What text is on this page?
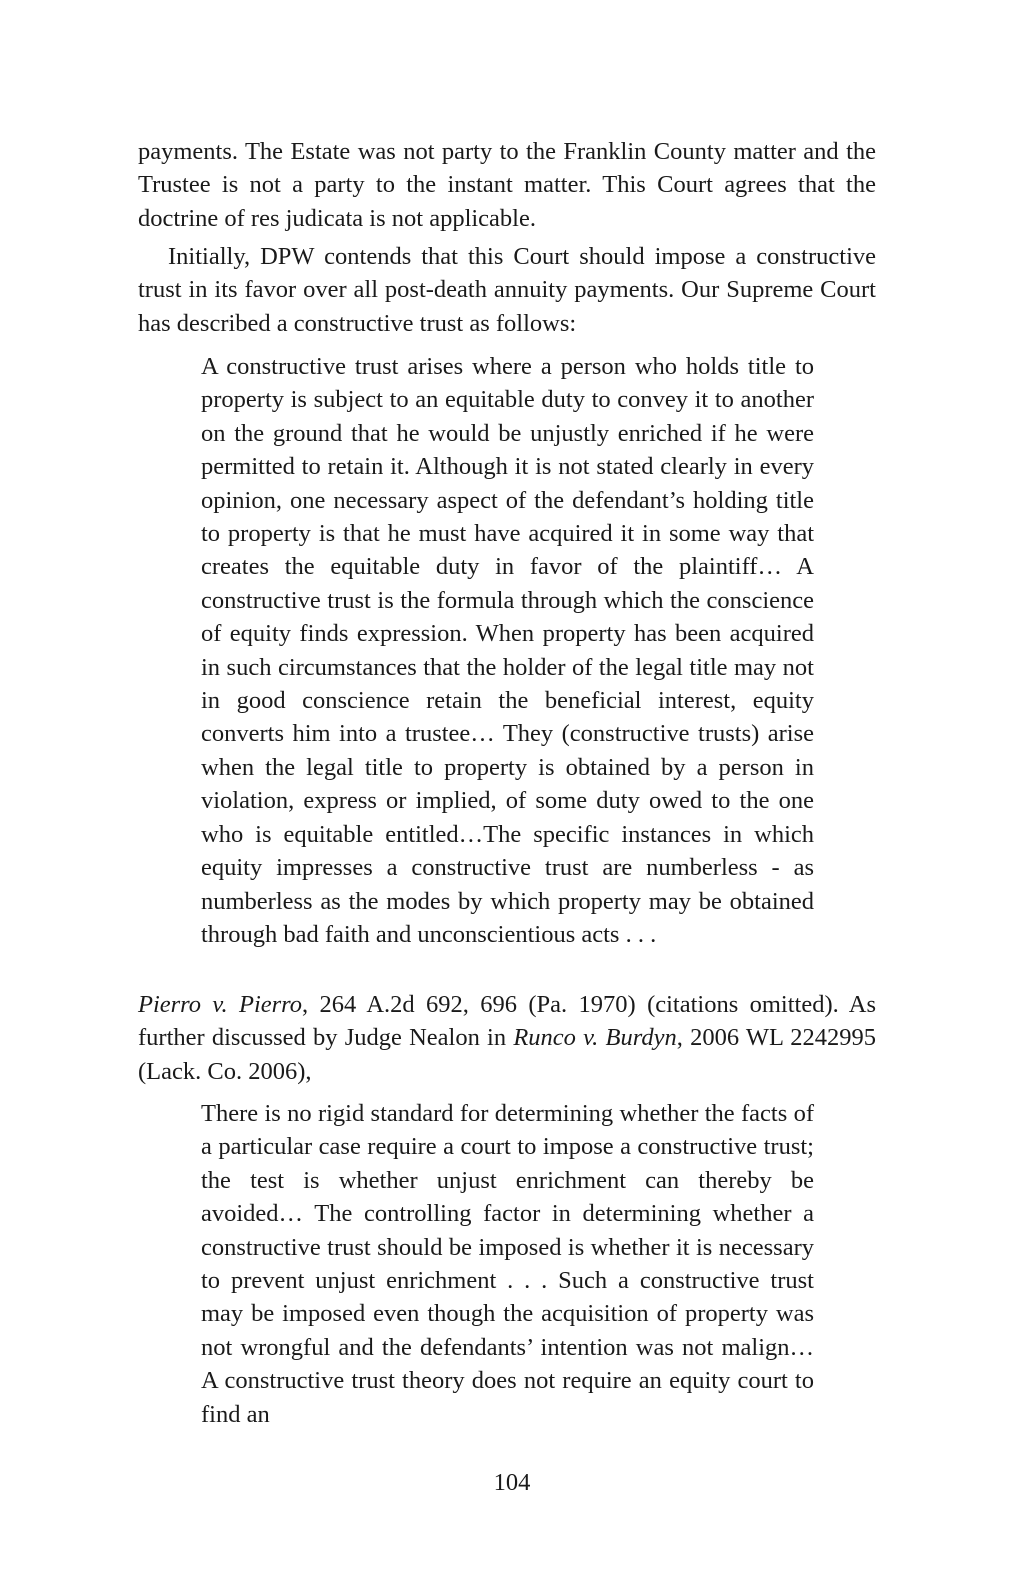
payments. The Estate was not party to the Franklin County matter and the Trustee is not a party to the instant matter. This Court agrees that the doctrine of res judicata is not applicable.

Initially, DPW contends that this Court should impose a constructive trust in its favor over all post-death annuity payments. Our Supreme Court has described a constructive trust as follows:

A constructive trust arises where a person who holds title to property is subject to an equitable duty to convey it to another on the ground that he would be unjustly enriched if he were permitted to retain it. Although it is not stated clearly in every opinion, one necessary aspect of the defendant’s holding title to property is that he must have acquired it in some way that creates the equitable duty in favor of the plaintiff… A constructive trust is the formula through which the conscience of equity finds expression. When property has been acquired in such circumstances that the holder of the legal title may not in good conscience retain the beneficial interest, equity converts him into a trustee… They (constructive trusts) arise when the legal title to property is obtained by a person in violation, express or implied, of some duty owed to the one who is equitable entitled…The specific instances in which equity impresses a constructive trust are numberless - as numberless as the modes by which property may be obtained through bad faith and unconscientious acts . . .

Pierro v. Pierro, 264 A.2d 692, 696 (Pa. 1970) (citations omitted). As further discussed by Judge Nealon in Runco v. Burdyn, 2006 WL 2242995 (Lack. Co. 2006),

There is no rigid standard for determining whether the facts of a particular case require a court to impose a constructive trust; the test is whether unjust enrichment can thereby be avoided… The controlling factor in determining whether a constructive trust should be imposed is whether it is necessary to prevent unjust enrichment . . . Such a constructive trust may be imposed even though the acquisition of property was not wrongful and the defendants’ intention was not malign… A constructive trust theory does not require an equity court to find an

104
